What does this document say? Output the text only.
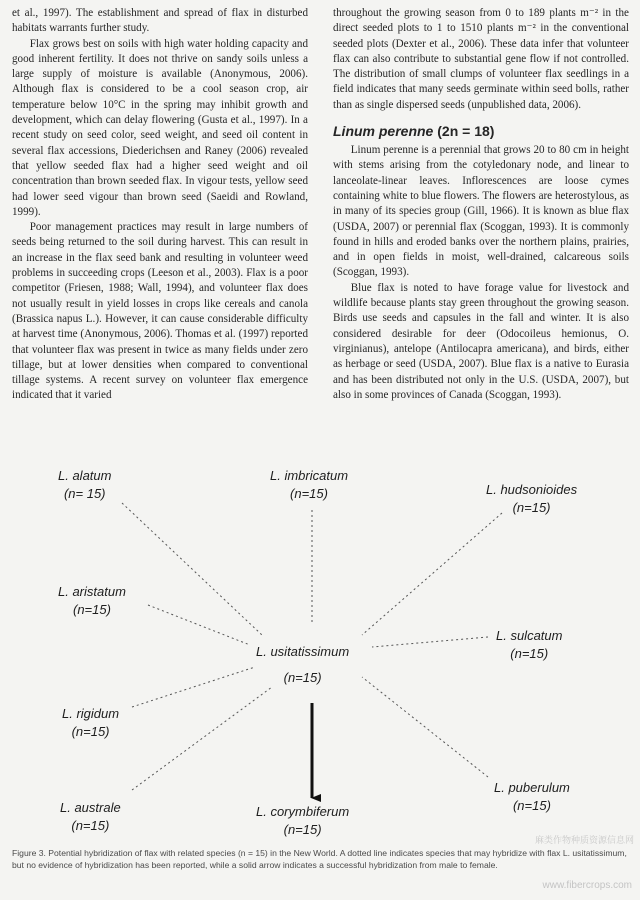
et al., 1997). The establishment and spread of flax in disturbed habitats warrants further study.

Flax grows best on soils with high water holding capacity and good inherent fertility. It does not thrive on sandy soils unless a large supply of moisture is available (Anonymous, 2006). Although flax is considered to be a cool season crop, air temperature below 10°C in the spring may inhibit growth and development, which can delay flowering (Gusta et al., 1997). In a recent study on seed color, seed weight, and seed oil content in several flax accessions, Diederichsen and Raney (2006) revealed that yellow seeded flax had a higher seed weight and oil concentration than brown seeded flax. In vigour tests, yellow seed had lower seed vigour than brown seed (Saeidi and Rowland, 1999).

Poor management practices may result in large numbers of seeds being returned to the soil during harvest. This can result in an increase in the flax seed bank and resulting in volunteer weed problems in succeeding crops (Leeson et al., 2003). Flax is a poor competitor (Friesen, 1988; Wall, 1994), and volunteer flax does not usually result in yield losses in crops like cereals and canola (Brassica napus L.). However, it can cause considerable difficulty at harvest time (Anonymous, 2006). Thomas et al. (1997) reported that volunteer flax was present in twice as many fields under zero tillage, but at lower densities when compared to conventional tillage systems. A recent survey on volunteer flax emergence indicated that it varied

throughout the growing season from 0 to 189 plants m⁻² in the direct seeded plots to 1 to 1510 plants m⁻² in the conventional seeded plots (Dexter et al., 2006). These data infer that volunteer flax can also contribute to substantial gene flow if not controlled. The distribution of small clumps of volunteer flax seedlings in a field indicates that many seeds germinate within seed bolls, rather than as single dispersed seeds (unpublished data, 2006).

Linum perenne (2n = 18)

Linum perenne is a perennial that grows 20 to 80 cm in height with stems arising from the cotyledonary node, and linear to lanceolate-linear leaves. Inflorescences are loose cymes containing white to blue flowers. The flowers are heterostylous, as in many of its species group (Gill, 1966). It is known as blue flax (USDA, 2007) or perennial flax (Scoggan, 1993). It is commonly found in hills and eroded banks over the northern plains, prairies, and in open fields in moist, well-drained, calcareous soils (Scoggan, 1993).

Blue flax is noted to have forage value for livestock and wildlife because plants stay green throughout the growing season. Birds use seeds and capsules in the fall and winter. It is also considered desirable for deer (Odocoileus hemionus, O. virginianus), antelope (Antilocapra americana), and birds, either as herbage or seed (USDA, 2007). Blue flax is a native to Eurasia and has been distributed not only in the U.S. (USDA, 2007), but also in some provinces of Canada (Scoggan, 1993).

L. alatum
(n= 15)
L. imbricatum
(n=15)	L. hudsonioides
(n=15)
L. aristatum
(n=15)
L. sulcatum
(n=15)
L. rigidum
(n=15)
L. puberulum
(n=15)
L. australe
(n=15)
L. corymbiferum
(n=15)
L. usitatissimum
(n=15)
Figure 3. Potential hybridization of flax with related species (n = 15) in the New World. A dotted line indicates species that may hybridize with flax L. usitatissimum, but no evidence of hybridization has been reported, while a solid arrow indicates a successful hybridization from male to female.
麻类作物种质资源信息网
www.fibercrops.com
